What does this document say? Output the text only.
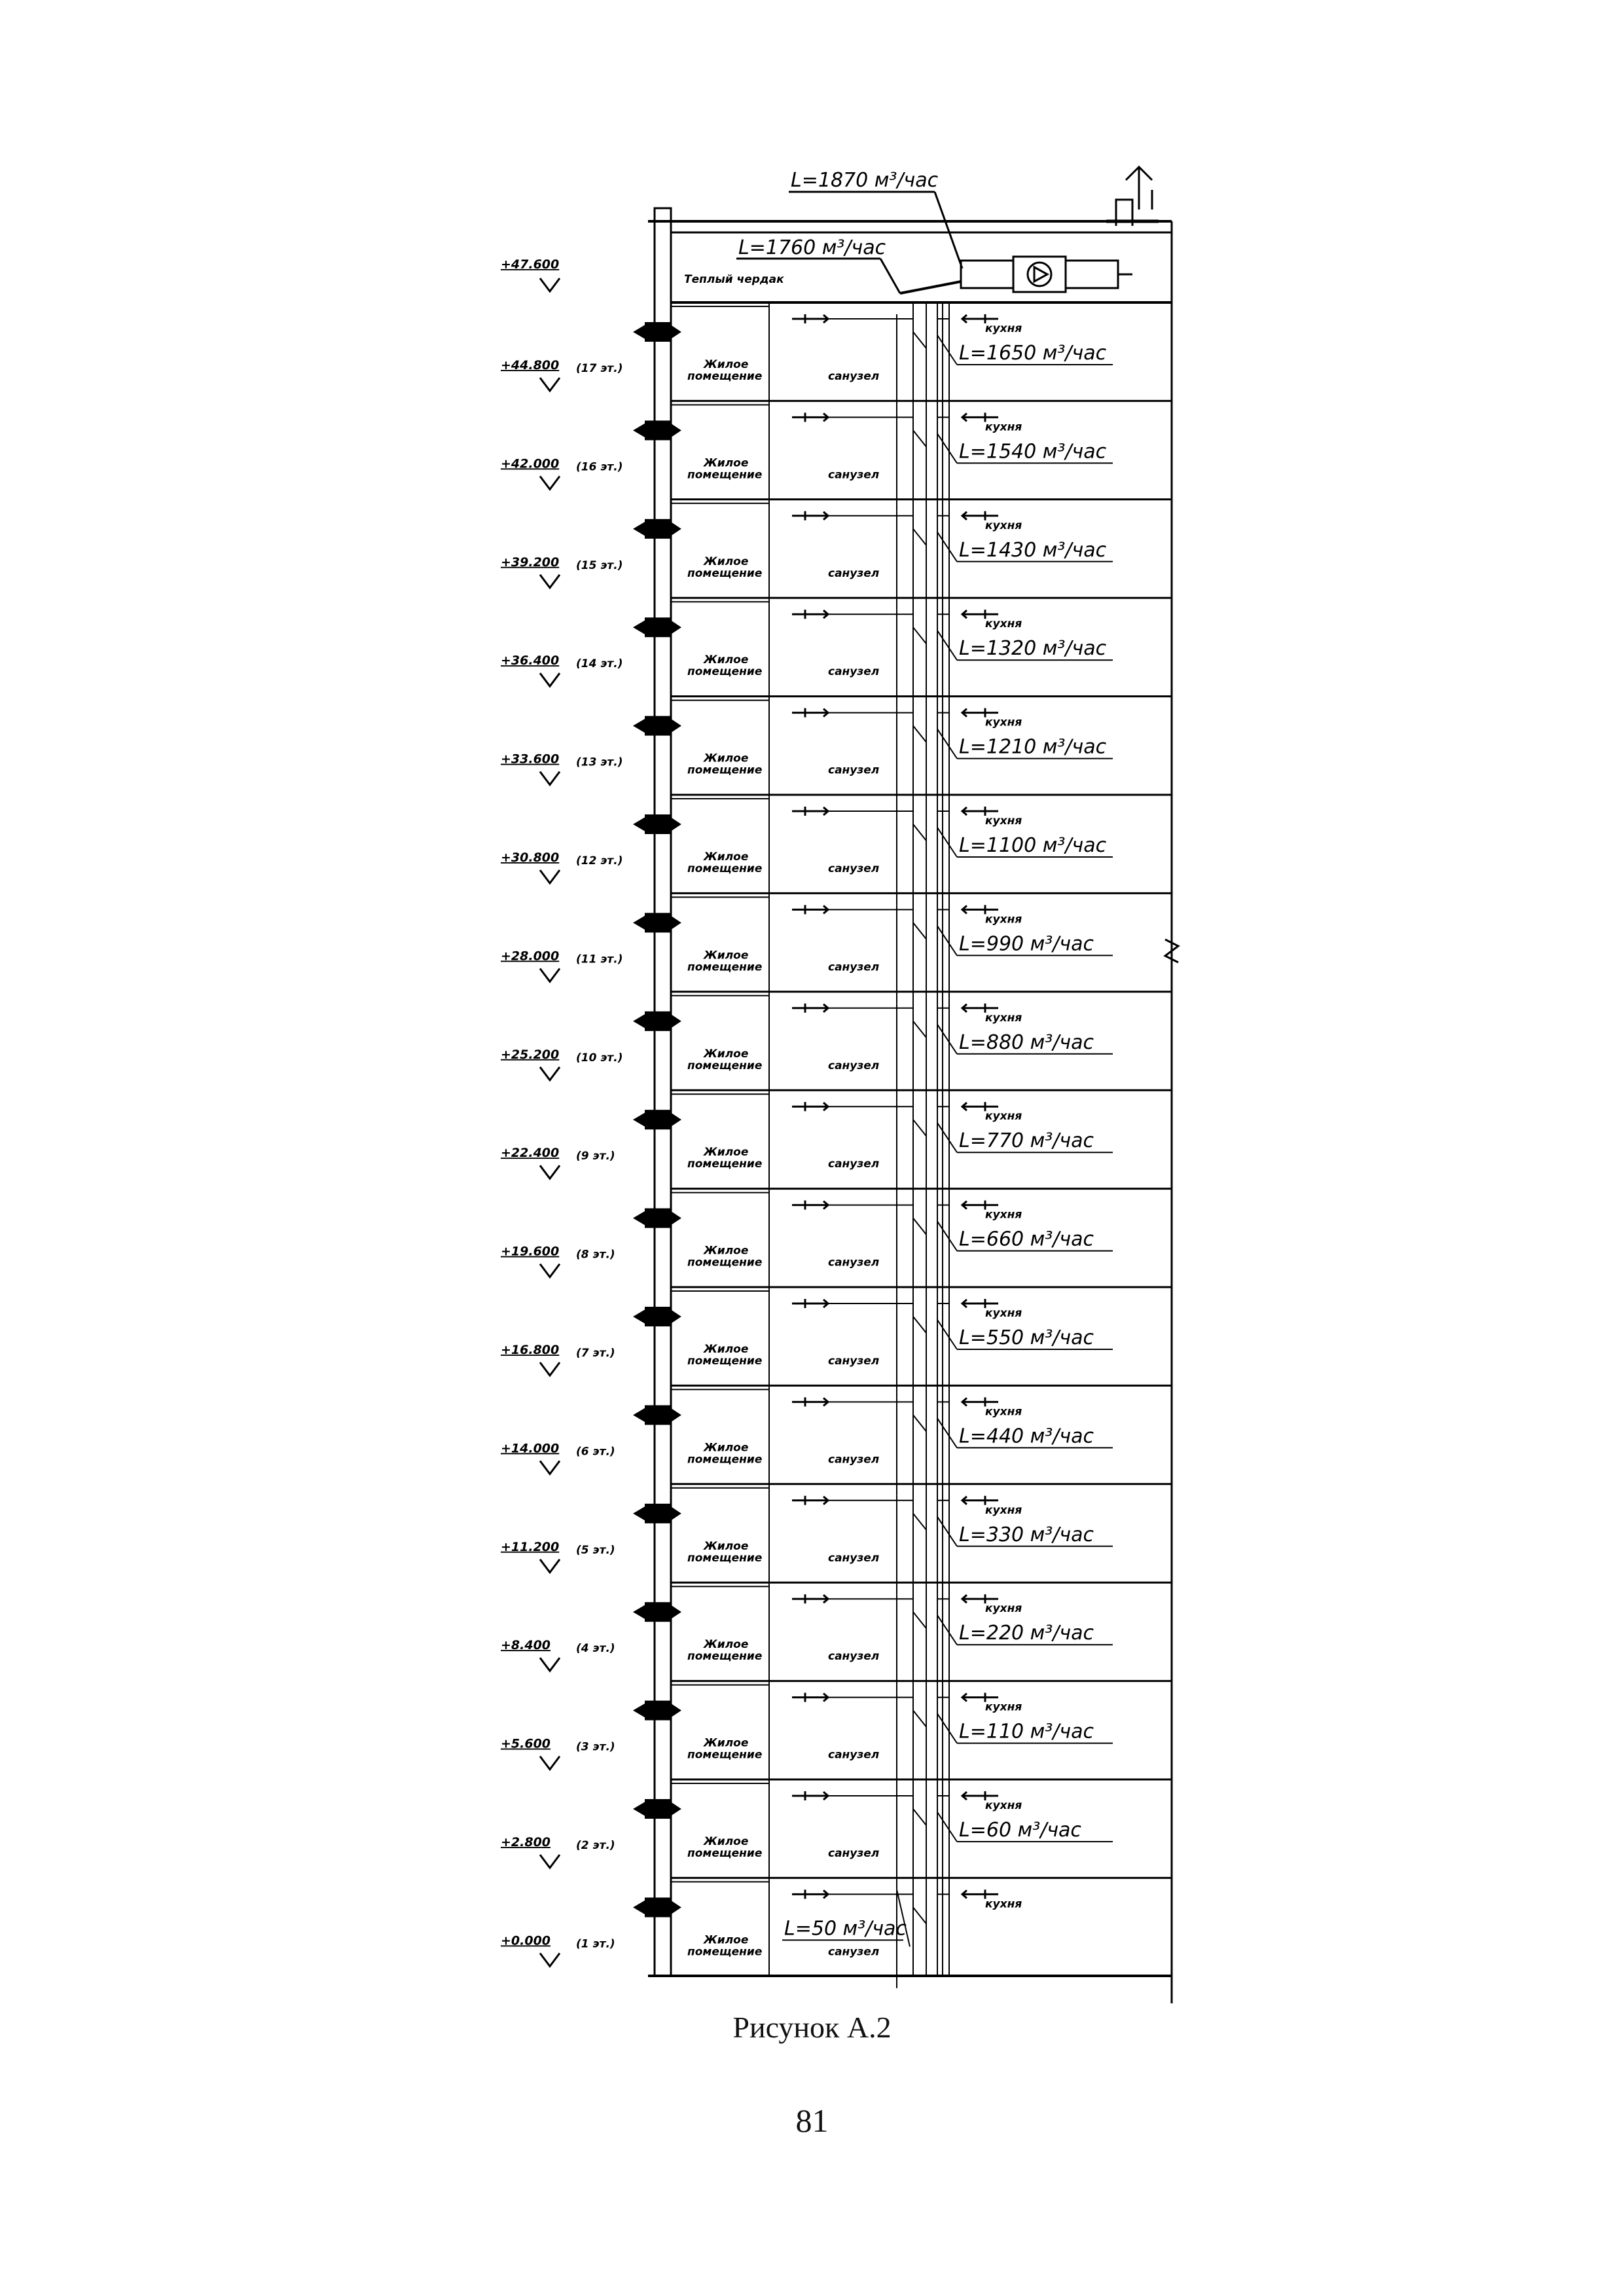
+47.600
Теплый чердак
L=1870 м³/час
L=1760 м³/час
+44.800 (17 эт.)	Жилое
помещение	санузел
кухня
L=1650 м³/час
+42.000 (16 эт.)	Жилое
помещение	санузел
кухня
L=1540 м³/час
+39.200 (15 эт.)	Жилое
помещение	санузел
кухня
L=1430 м³/час
+36.400 (14 эт.)	Жилое
помещение	санузел
кухня
L=1320 м³/час
+33.600 (13 эт.)	Жилое
помещение	санузел
кухня
L=1210 м³/час
+30.800 (12 эт.)	Жилое
помещение	санузел
кухня
L=1100 м³/час
+28.000 (11 эт.)	Жилое
помещение	санузел
кухня
L=990 м³/час
+25.200 (10 эт.)	Жилое
помещение	санузел
кухня
L=880 м³/час
+22.400 (9 эт.)	Жилое
помещение	санузел
кухня
L=770 м³/час
+19.600 (8 эт.)	Жилое
помещение	санузел
кухня
L=660 м³/час
+16.800 (7 эт.)	Жилое
помещение	санузел
кухня
L=550 м³/час
+14.000 (6 эт.)	Жилое
помещение	санузел
кухня
L=440 м³/час
+11.200 (5 эт.)	Жилое
помещение	санузел
кухня
L=330 м³/час
+8.400 (4 эт.)	Жилое
помещение	санузел
кухня
L=220 м³/час
+5.600 (3 эт.)	Жилое
помещение	санузел
кухня
L=110 м³/час
+2.800 (2 эт.)	Жилое
помещение	санузел
кухня
L=60 м³/час
+0.000 (1 эт.)	Жилое
помещение	санузел
кухня
L=50 м³/час
Рисунок А.2
81
